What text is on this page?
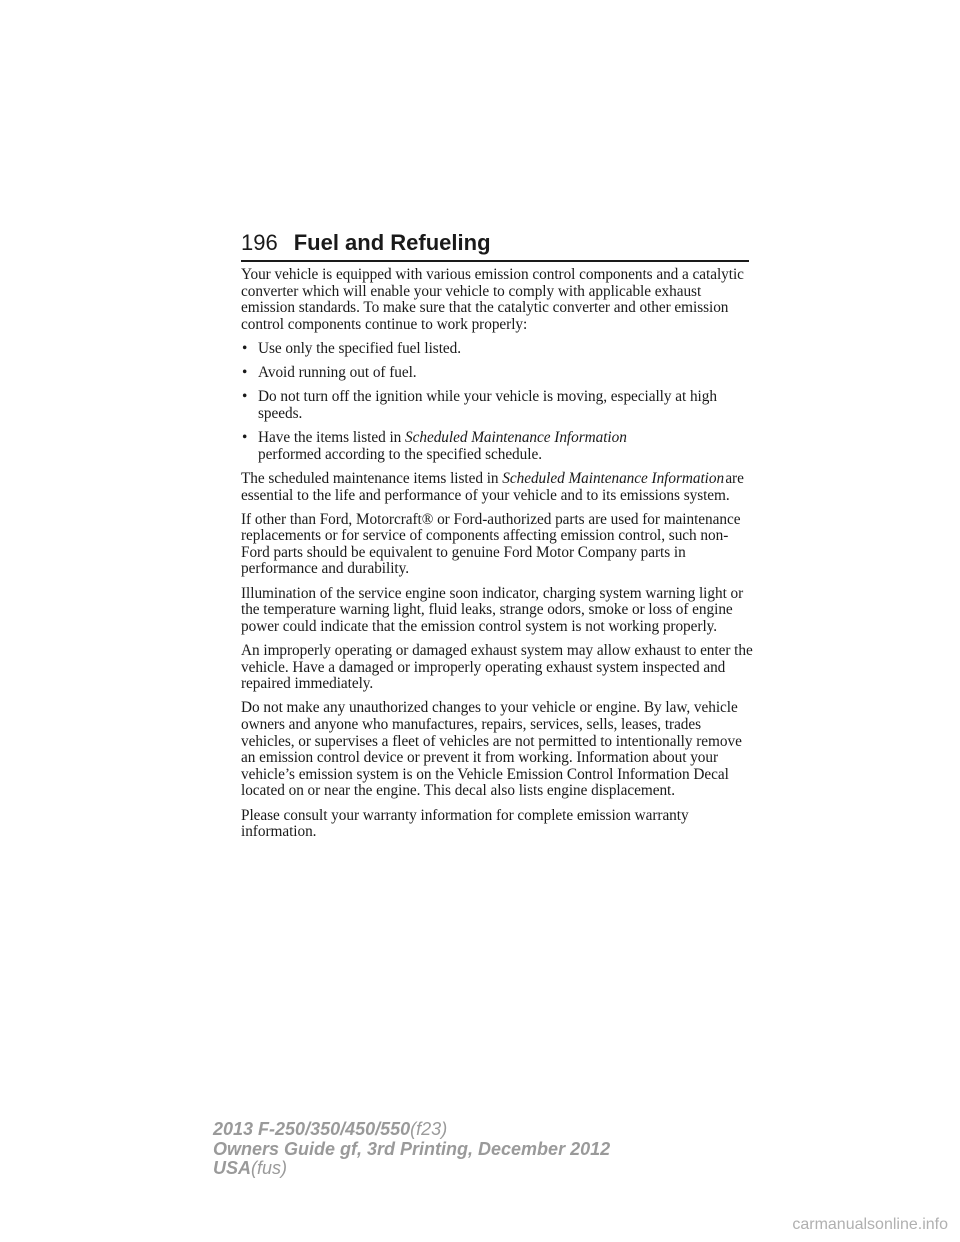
196 Fuel and Refueling

Your vehicle is equipped with various emission control components and a catalytic converter which will enable your vehicle to comply with applicable exhaust emission standards. To make sure that the catalytic converter and other emission control components continue to work properly:

• Use only the specified fuel listed.
• Avoid running out of fuel.
• Do not turn off the ignition while your vehicle is moving, especially at high speeds.
• Have the items listed in Scheduled Maintenance Information
performed according to the specified schedule.

The scheduled maintenance items listed in Scheduled Maintenance Information are essential to the life and performance of your vehicle and to its emissions system.

If other than Ford, Motorcraft® or Ford-authorized parts are used for maintenance replacements or for service of components affecting emission control, such non-Ford parts should be equivalent to genuine Ford Motor Company parts in performance and durability.

Illumination of the service engine soon indicator, charging system warning light or the temperature warning light, fluid leaks, strange odors, smoke or loss of engine power could indicate that the emission control system is not working properly.

An improperly operating or damaged exhaust system may allow exhaust to enter the vehicle. Have a damaged or improperly operating exhaust system inspected and repaired immediately.

Do not make any unauthorized changes to your vehicle or engine. By law, vehicle owners and anyone who manufactures, repairs, services, sells, leases, trades vehicles, or supervises a fleet of vehicles are not permitted to intentionally remove an emission control device or prevent it from working. Information about your vehicle’s emission system is on the Vehicle Emission Control Information Decal located on or near the engine. This decal also lists engine displacement.

Please consult your warranty information for complete emission warranty information.

2013 F-250/350/450/550(f23)
Owners Guide gf, 3rd Printing, December 2012
USA(fus)
carmanualsonline.info
